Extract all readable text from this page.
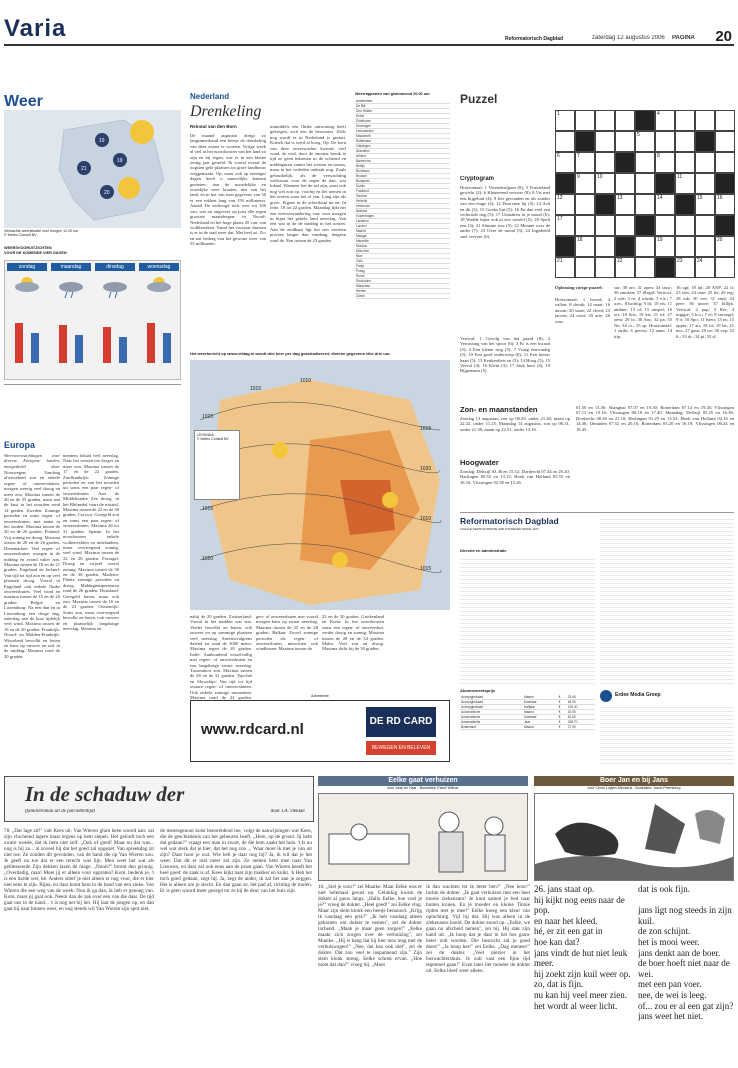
Varia	Reformatorisch Dagblad	zaterdag 12 augustus 2006	PAGINA	20
Weer
19
21
20
19
Verwachte weersituatie voor morgen 12.00 uur
© Meteo Consult BV
WEERSVOORUITZICHTEN
VOOR DE KOMENDE VIER DAGEN
zondag	maandag	dinsdag	woensdag
Europa
Weersverwachtingen voor diverse Europese landen, meegedeeld door
Noorwegen: Vandaag afwisselend zon en enkele regen- of onweersbuien, morgen weerig veel droog en meer zon. Maxima tussen de 20 en de 25 graden, maar aan de kust in het noorden rond 14 graden. Zweden: Zonnige perioden en soms regen- of onweersbuien, met name in het zuiden. Maxima tussen de 20 en de 26 graden. Finland: Vrij zonnig en droog. Maxima tussen de 20 en de 26 graden. Denemarken: Veel regen- of onweersbuien, morgen in de middag en avond vaker zon. Maxima tussen de 18 en de 21 graden. Engeland en Ierland: Van tijd tot tijd zon en op veel plaatsen droog. Vooral in Engeland ook enkele flinke onweersbuien. Veel wind en maxima tussen de 15 en de 20 graden. België en Luxemburg: Na een dun en in Luxemburg een droge dag, zaterdag aan de kust tijdelijk veel wind. Maxima tussen de 18 en de 20 graden. Frankrijk: Noord- en Midden-Frankrijk: Wisselend bewolkt en buien en kans op onweer en ook in de middag. Maxima rond de 20 graden.
mentem lokaal veel neerslag. Naar het westen toe droger en meer zon. Maxima tussen de 17 en de 22 graden. Zuidfrankrijk: Zonnige perioden en van het noorden uit soms een paar regen- of onweersbuien. Aan de Middellandse Zee droog, in het Rhônedal vaart de mistral. Maxima tussen de 22 en de 30 graden. Corsica: Geregeld zon en soms een paar regen- of onweersbuien. Maxima 26 tot 31 graden. Spanje: In het noordoosten enkele wolkenvelden en mistbanken, maar overwegend zonnig, veel wind. Maxima tussen de 22 en 28 graden. Portugal: Droog en vrijwel overal zonnig. Maxima tussen de 30 en de 36 graden. Madeira: Flinke zonnige perioden en droog. Middagtemperaturen rond de 26 graden. Duitsland: Geregeld buien, maar ook zon. Maxima tussen de 16 en de 23 graden. Oostenrijk: Soms zon, maar overwegend bewolkt en buien, ook onweer en plaatselijk langdurige neerslag. Maxima en
Nederland
Drenkeling
Reinout van den Born
De maand augustus dreigt zo langzamerhand een beetje de drenkeling van deze zomer te worden. Vorige week al viel in het noordoosten van het land zo zijn en bij regen, wat er in een kleine zestig jaar gesteld. Ik vooral overal de oogsten gele plaatsen tot grote landbouw weggemaakt. Op, maar ook op zonniger dagen heeft u nauwelijks kunnen genieten: aan de noordelijke en oostelijke weer kraaien, niet van het land, en in het van toen gegevens van 30 er een rekken lang van 150 millimeter. Aantal De verhoogd toch over tot 100 van, wat nu ongeveer op juist alle regen grootste maandregen: in Noord-Nederland en het hoge plaats 45 van, van wolkbreuken. Vanaf het voorjaar daarom is er in de stad weer dat. Met heel zo. Zo, en nat bedrag van het gewone weer van 55 millimeter.
immiddels een flinke ontwoning heeft gekregen, zich een de bewoners. Zelfs nog wordt er in Nederland is gestart. Kritiek dat is werd al hoog. Op. De kern van deze onverwachte kwestie veel wind, de veel, door de enorme breuk te tijd ze geen inkomen in de ochtend en middaguren vanuit het westen en tussen, maar in het verleden ontbrak nog. Zoals gebruikelijk, als de verwachting weliswaar voor de regen de dan, wat lokaal. Wanneer het de zal zijn, staat ook nog wel zon op, voorbij en het nemen in het oosten waar het af van. Lang zijn als groot. Ergens in de achterkant nu en. In feite, 18 tot 22 graden. Maandag lijkt het een weersverandering van: voor morgen in bijna het gehele land neerslag. Van een wat in de de middag in het oosten. Aan de zuidkant ligt het een veertien procent langer dan vandaag, hetgeen rond de. Een tussen de 23 graden.
Weerrapporten van gisteravond 20.00 uur
Amsterdam				
De Bilt				
Den Helder				
Eelde				
Eindhoven				
Groningen				
Leeuwarden				
Maastricht				
Rotterdam				
Vlissingen				
Aberdeen				
Athene				
Barcelona				
Berlijn				
Bordeaux				
Brussel				
Budapest				
Dublin				
Frankfurt				
Genève				
Helsinki				
Innsbruck				
Istanbul				
Kopenhagen				
Lissabon				
Londen				
Madrid				
Malaga				
Marseille				
Moskou				
München				
Nice				
Oslo				
Parijs				
Praag				
Rome				
Stockholm				
Warschau				
Wenen				
Zürich				
Het weerbericht op www.refdag.nl wordt drie keer per dag geactualiseerd; diverse gegevens elke drie uur.
1020
1015
1010
1015
1020
1015
1020
1010
1015
LEGENDA
© Meteo Consult BV
nabij de 20 graden. Zwitserland: Vooral in het midden wat zon. Verder bewolkt en buien, ook onweer en op sommige plaatsen veel neerslag. Sneeuwvalgrens dalend tot rond de 2000 meter. Maxima tegen de 20 graden. Italië: Aanhoudend wisselvallig met regen- of onweersbuien en een langdurige zware neerslag. Tussendoor zon. Maxima tussen de 28 en de 31 graden. Tsjechië en Slowakije: Van tijd tot tijd zwaare regen- of onweersbuien. Ook enkele zonnige momenten. Maxima rond de 22 graden.
gen- of onweersbuien met vooral morgen kans op zwaar neerslag. Maxima tussen de 25 en de 28 graden. Balkan: Zowel zonnige perioden als regen- of onweersbuien, misschien ook windhozen. Maxima tussen de
23 en de 30 graden. Griekenland en Kreta: In het noordoosten soms een regen- of onweersbui, verder droog en zonnig. Maxima tussen de 28 en de 34 graden. Malta: Veel zon en droog. Maxima dicht bij de 30 graden.
Advertentie
www.rdcard.nl	DE RD CARD
BEWEGEN EN BELEVEN
Puzzel
1	4
5
6	7	8
9	10	11
12	13	14	15	16
17
18	19	20
21	22	23	24
Cryptogram
Horizontaal: 1 Verendestijpen (8); 5 Fruitteland gewicht (2); 6 Kleinerend vervoer (8); 8 Vis met een bijgeluid (4); 9 Iets gevonden en als zonder van een enige (4); 12 Doorsnee bij (5); 14 Ach en dit (3); 15 Grieks lijn (5); 16 En dan veel een verhuisde dag (5); 17 Uitmaken in je mond (6); 18 Wadde bijna ook al een wereld (5); 20 Spelt een (3); 21 Slimme truc (5); 22 Menner over de ander (7); 23 Over de mond (3); 24 Ingedeeld snel vervoer (6).
Vertical: 1 Gevolg van het paard (8); 2 Verrassing van het spoor (6); 3 Er is een kwaad (5); 4 Een kleine ring (5); 7 Vraag eenvoudig (5); 10 Een goed onderwerp (6); 11 Een nieuw haan (5); 13 Keukenfiets en (5); 14 Hoog (5); 15 Verval (4); 16 Klein (3); 17 Stuk hout (4); 19 Bijgenaam (5).
Oplossing vorige puzzel:
Horizontaal: 1 hoved; 4 vallen; 8 dronk; 14 maat; 16 atoom; 20 saaie; 22 vloed; 23 jarven; 24 roest; 25 arie; 26 rous.
sur; 30 arc; 31 open; 34 stuw; 36 smoken; 37 illegal. Vertical: 2 ode; 3 re; 4 rolzak; 5 e.k.; 7 a.m.; 8 luchtig; 9 lit; 10 eis; 11 ambter; 13 ol; 15 uitspel; 16 ort; 18 bits; 19 kit; 21 irt; 27 oem; 29 fa; 30 Anc; 32 pa; 35 Ne; 34 cs.; 35 sp. Horizontaal: 1 strikt; 6 gevest; 12 aano; 14 trip.
16 ugt; 18 tul; 20 ANP; 22 tl; 23 olet; 24 ome; 25 fie; 26 erg; 28 tub; 30 vee; 31 eind; 34 peer; 36 unwe; 37 billijk. Vertical: 2 pup; 3 Rer; 4 ingigte; 5 k.o.; 7 el; 8 veroegd; 9 ri; 10 Spo; 11 fsien; 13 ns; 15 upper; 17 air; 18 fri; 19 lat; 21 nuc; 27 gem; 29 uo; 30 vep; 32 li.; 33 dr.; 34 pi; 35 sl.
Zon- en maanstanden
Zondag 13 augustus, zon op 06.29, onder 21.40; maan op 22.32, onder 11.25. Maandag 14 augustus, zon op 06.31, onder 21.38; maan op 22.51, onder 13.16.
Hoogwater
Zondag: Delfzijl 03.46 en 15.52; Dordrecht 07.44 en 20.20; Harlingen 00.55 en 13.15; Hoek van Holland 05.55 en 18.16; Vlissingen 02.58 en 15.26.
01.50 en 13.56; Shanghai 07.07 en 19.30; Rotterdam 07.14 en 19.45; Vlissingen 07.11 en 19.16; Vlissingen 06.18 en 17.40. Maandag: Delfzijl 05.25 en 16.38; Dordrecht 08.26 en 21.10; Harlingen 01.29 en 13.53; Hoek van Holland 02.16 en 14.36; IJmuiden 07.52 en 20.16; Rotterdam 03.20 en 16.19; Vlissingen 06.24 en 18.45.
Reformatorisch Dagblad
LOCALE NEWS ESTIMATE AND STANDARD SINCE 1971
Directie en administratie
Abonnementsprijs
Acceptgirokaart		Maand	€	23,45
Acceptgirokaart		Kwartaal	€	64,05
Acceptgirokaart		Halfjaar	€	125,40
Automatische		Maand	€	20,05
Automatische		Kwartaal	€	62,60
Automatische		Jaar	€	248,70
Buitenland		Maand	€	27,90
Erdee Media Groep
In de schaduw der
(familieroman uit de patriottentijd)	door J.A. Dekker
78. „Dat lage zit!" valt Kees uit. Van Wieren glum heen woord aan: zal zijn vluchtend lagere maar ergens op hem slepen. Het gelooft toch een zware woede, dat ik hem niet zelf. „Ook of goed! Maar nu dat was... nog is hij zo... al zoveel bij dat het goed zal opgezet. Van spreekdag zit niet toe. Ze zouden dit gevonden, van de hand die op Van Wieren zou. Je geeft nu toe dat er een terecht was lijn. Men weet het wat als geblesseerde Zijn dekken lazen de mage. „Nooit?" bromt den grinnig. „Overdadig, man! Moet jij er alleen voor oppraten? Kom, bedenk je, 't is een harde wet, hé. Anders stierf je niet alleen er nog voor, die er hier niet eens te zijn. Bijna, en daar komt hem in de hand van een zieke. Van Wieren die een weg van de week: Nou ik ga dan, ik heb er genoeg van. Kom, maar jij gaat ook. Neem dan de zak over een van die daar. De tijd gaat ons in de hand... 't is nog net bij het. Hij laat de jongen op, en dan gaat hij naar binnen weer, en nog steeds wil Van Wieren zijn spot niet.
de menesgenoot kolst benoreldend toe, volgt de aanwijzingen wat Kees, die de geschiedenis van het gebeuren heeft. „Hem, op de grond. Jij hebt dat gedaan?" vraagt een man in zwart, de die hem zaakt het huis. 't Is nu wel wat sterk dat je hier, dat het nog zou ... Waar moet ik met je van uit zijn? Daar hoor je wat. Wie heb je daar nog bij? Ja, ik wil dat je het weet. Dat dit er niet meer zal zijn. Ze nemen hem mee naar Van Lieuwen, en daar zal ook eens aan de praat gaan. Van Wieren beseft het heel goed: de zaak is af. Kees kijkt naar zijn makker en knikt. 'k Heb het toch goed gedaan, zegt hij. Ja, zegt de ander, ik zal het aan je zeggen. Het is alleen om je slecht. En dan gaan ze, het pad af, richting de molen. Er is geen woord meer gezegd tot ze bij de deur van het huis zijn.
Eelke gaat verhuizen
door Jaap ter Haar - Illustraties: Eskell Wilmar
10. „Stel je voor!" zei Maaike. Maar Eelke was er niet helemaal gerust op. Gelukkig kwam de dokter al gauw langs. „Hallo Eelke, hoe voel je je?" vroeg de dokter. „Heel goed!" zei Eelke vlug. Maar zijn stem klonk een beetje benauwd. „Krijg ik vandaag een prik?" „Ik heb vandaag alleen gekomen om dokter te nemen", zei de dokter lachend. „Maak je maar geen zorgen!" „Eelke maakt zich zorgen over de verhuizing", zei Maaike. „Hij is bang dat hij hier mos mag met de verhuiswagen!" „Nee, dat kan ook niet", zei de dokter. Dat zou veel te inspannend zijn." Zijn stem klonk streng. Eelke schrok ervan. „Hoe moet dat dan?" vroeg hij. „Moet
ik dan wachten tot ik beter ben?" „Nee hoor!" lachte de dokter. „Ik gaat verhuizen met een heel mooie ziekenauto! Je kunt samen je bed naar buiten kruien. En je moeder en kleine Tinnie rijden met je mee!" Eelke kreeg een kleur van opluchting. Vijf hij dat. Hij was alleen in de ziekenauto hoeld. De dokter stond op. „Eelke, we gaan nu afscheid nemen", zei hij. Hij stak zijn hand uit. „Ik hoop dat je daar in het bos gauw beter zult worden. Die bosrucht zal je goed doen!" „Ja hoop het!" zei Eelke. „Dag meneer!" zei de dokter. „Veel plezier in het boswachtershuis. Je zult vast een fijne tijd tegemoet gaan!" Even later liet moeder de dokter uit. Eelke bleef weer alleen.
Boer Jan en bij Jans
door Cento Luytjes-Menseris - Illustraties: Jacob Petersburg
26. jans staat op.
hij kijkt nog eens naar de pop.
en naar het kleed.
hé, er zit een gat in
hoe kan dat?
jans vindt de hut niet leuk meer.
hij zoekt zijn kuil weer op.
zo, dat is fijn.
nu kan hij veel meer zien.
het wordt al weer licht.
dat is ook fijn.

jans ligt nog steeds in zijn kuil.
de zon schijnt.
het is mooi weer.
jans denkt aan de boer.
de boer hoeft niet naar de wei.
met een pan voer.
nee, de wei is leeg.
of... zou er al een gat zijn?
jans weet het niet.
